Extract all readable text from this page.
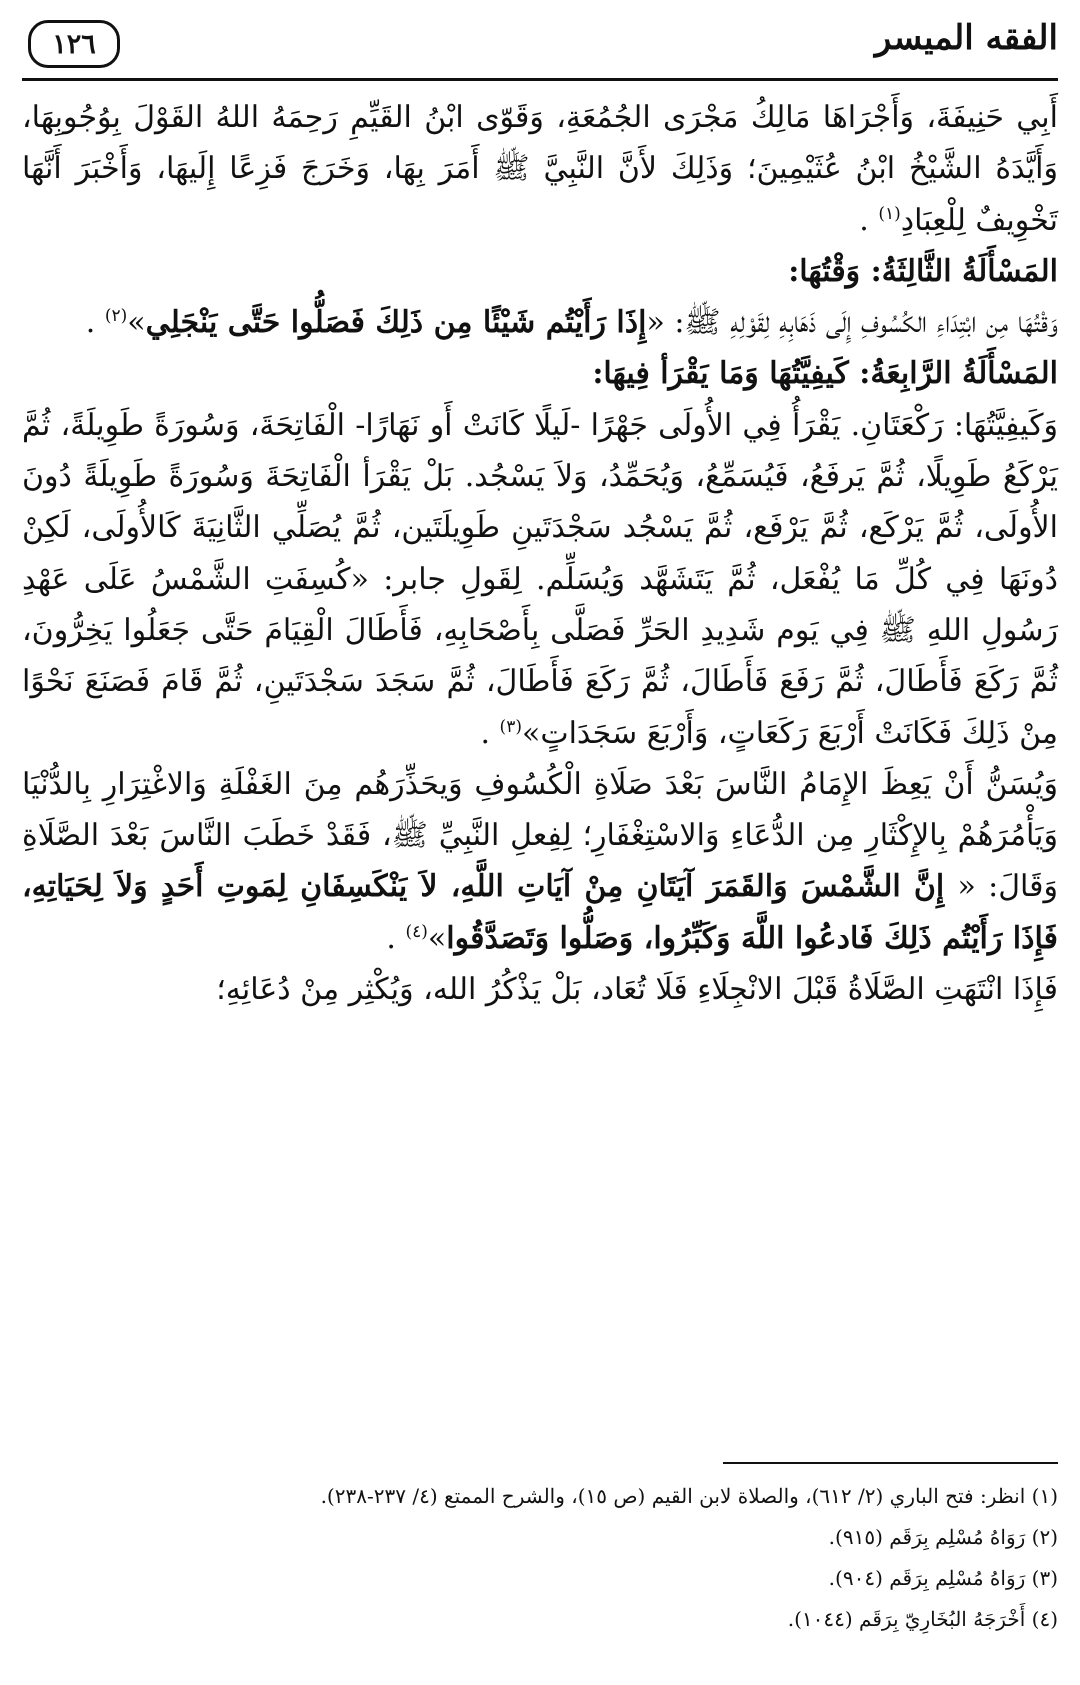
الفقه الميسر
١٢٦

أَبِي حَنِيفَةَ، وَأَجْرَاهَا مَالِكُ مَجْرَى الجُمُعَةِ، وَقَوّى ابْنُ القَيِّمِ رَحِمَهُ اللهُ القَوْلَ بِوُجُوبِهَا، وَأَيَّدَهُ الشَّيْخُ ابْنُ عُثَيْمِينَ؛ وَذَلِكَ لأَنَّ النَّبِيَّ ﷺ أَمَرَ بِهَا، وَخَرَجَ فَزِعًا إِلَيهَا، وَأَخْبَرَ أَنَّهَا تَخْوِيفٌ لِلْعِبَادِ$^{(١)}$ .

المَسْأَلَةُ الثَّالِثَةُ: وَقْتُهَا:

وَقْتُهَا مِن ابْتِدَاءِ الكُسُوفِ إِلَى ذَهَابِهِ لِقَوْلِهِ ﷺ: «إِذَا رَأَيْتُم شَيْئًا مِن ذَلِكَ فَصَلُّوا حَتَّى يَنْجَلِي»$^{(٢)}$ .

المَسْأَلَةُ الرَّابِعَةُ: كَيفِيَّتُهَا وَمَا يَقْرَأ فِيهَا:

وَكَيفِيَّتُهَا: رَكْعَتَانِ. يَقْرَأُ فِي الأُولَى جَهْرًا -لَيلًا كَانَتْ أَو نَهَارًا- الْفَاتِحَةَ، وَسُورَةً طَوِيلَةً، ثُمَّ يَرْكَعُ طَوِيلًا، ثُمَّ يَرفَعُ، فَيُسَمِّعُ، وَيُحَمِّدُ، وَلاَ يَسْجُد. بَلْ يَقْرَأ الْفَاتِحَةَ وَسُورَةً طَوِيلَةً دُونَ الأُولَى، ثُمَّ يَرْكَع، ثُمَّ يَرْفَع، ثُمَّ يَسْجُد سَجْدَتَينِ طَوِيلَتَين، ثُمَّ يُصَلِّي الثَّانِيَةَ كَالأُولَى، لَكِنْ دُونَهَا فِي كُلِّ مَا يُفْعَل، ثُمَّ يَتَشَهَّد وَيُسَلِّم. لِقَولِ جابر: «كُسِفَتِ الشَّمْسُ عَلَى عَهْدِ رَسُولِ اللهِ ﷺ فِي يَوم شَدِيدِ الحَرِّ فَصَلَّى بِأَصْحَابِهِ، فَأَطَالَ الْقِيَامَ حَتَّى جَعَلُوا يَخِرُّونَ، ثُمَّ رَكَعَ فَأَطَالَ، ثُمَّ رَفَعَ فَأَطَالَ، ثُمَّ رَكَعَ فَأَطَالَ، ثُمَّ سَجَدَ سَجْدَتَينِ، ثُمَّ قَامَ فَصَنَعَ نَحْوًا مِنْ ذَلِكَ فَكَانَتْ أَرْبَعَ رَكَعَاتٍ، وَأَرْبَعَ سَجَدَاتٍ»$^{(٣)}$ .

وَيُسَنُّ أَنْ يَعِظَ الإِمَامُ النَّاسَ بَعْدَ صَلَاةِ الْكُسُوفِ وَيحَذِّرَهُم مِنَ الغَفْلَةِ وَالاغْتِرَارِ بِالدُّنْيَا وَيَأْمُرَهُمْ بِالإِكْثَارِ مِن الدُّعَاءِ وَالاسْتِغْفَارِ؛ لِفِعلِ النَّبِيِّ ﷺ، فَقَدْ خَطَبَ النَّاسَ بَعْدَ الصَّلَاةِ وَقَالَ: « إِنَّ الشَّمْسَ وَالقَمَرَ آيَتَانِ مِنْ آيَاتِ اللَّهِ، لاَ يَنْكَسِفَانِ لِمَوتِ أَحَدٍ وَلاَ لِحَيَاتِهِ، فَإِذَا رَأَيْتُم ذَلِكَ فَادعُوا اللَّهَ وَكَبِّرُوا، وَصَلُّوا وَتَصَدَّقُوا»$^{(٤)}$ .

فَإِذَا انْتَهَتِ الصَّلَاةُ قَبْلَ الانْجِلَاءِ فَلَا تُعَاد، بَلْ يَذْكُرُ الله، وَيُكْثِر مِنْ دُعَائِهِ؛

(١) انظر: فتح الباري (٢/ ٦١٢)، والصلاة لابن القيم (ص ١٥)، والشرح الممتع (٤/ ٢٣٧-٢٣٨).

(٢) رَوَاهُ مُسْلِم بِرَقَم (٩١٥).

(٣) رَوَاهُ مُسْلِم بِرَقَم (٩٠٤).

(٤) أَخْرَجَهُ البُخَارِيّ بِرَقَم (١٠٤٤).
